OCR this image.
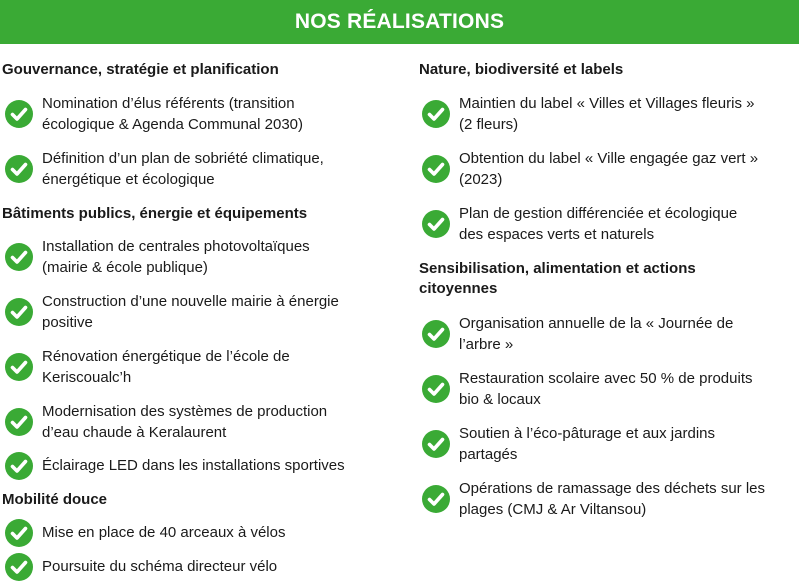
NOS RÉALISATIONS
Gouvernance, stratégie et planification
Nomination d’élus référents (transition
écologique & Agenda Communal 2030)
Définition d’un plan de sobriété climatique,
énergétique et écologique
Bâtiments publics, énergie et équipements
Installation de centrales photovoltaïques
(mairie & école publique)
Construction d’une nouvelle mairie à énergie
positive
Rénovation énergétique de l’école de
Keriscoualc’h
Modernisation des systèmes de production
d’eau chaude à Keralaurent
Éclairage LED dans les installations sportives
Mobilité douce
Mise en place de 40 arceaux à vélos
Poursuite du schéma directeur vélo
Nature, biodiversité et labels
Maintien du label « Villes et Villages fleuris »
(2 fleurs)
Obtention du label « Ville engagée gaz vert »
(2023)
Plan de gestion différenciée et écologique
des espaces verts et naturels
Sensibilisation, alimentation et actions
citoyennes
Organisation annuelle de la « Journée de
l’arbre »
Restauration scolaire avec 50 % de produits
bio & locaux
Soutien à l’éco-pâturage et aux jardins
partagés
Opérations de ramassage des déchets sur les
plages (CMJ & Ar Viltansou)
